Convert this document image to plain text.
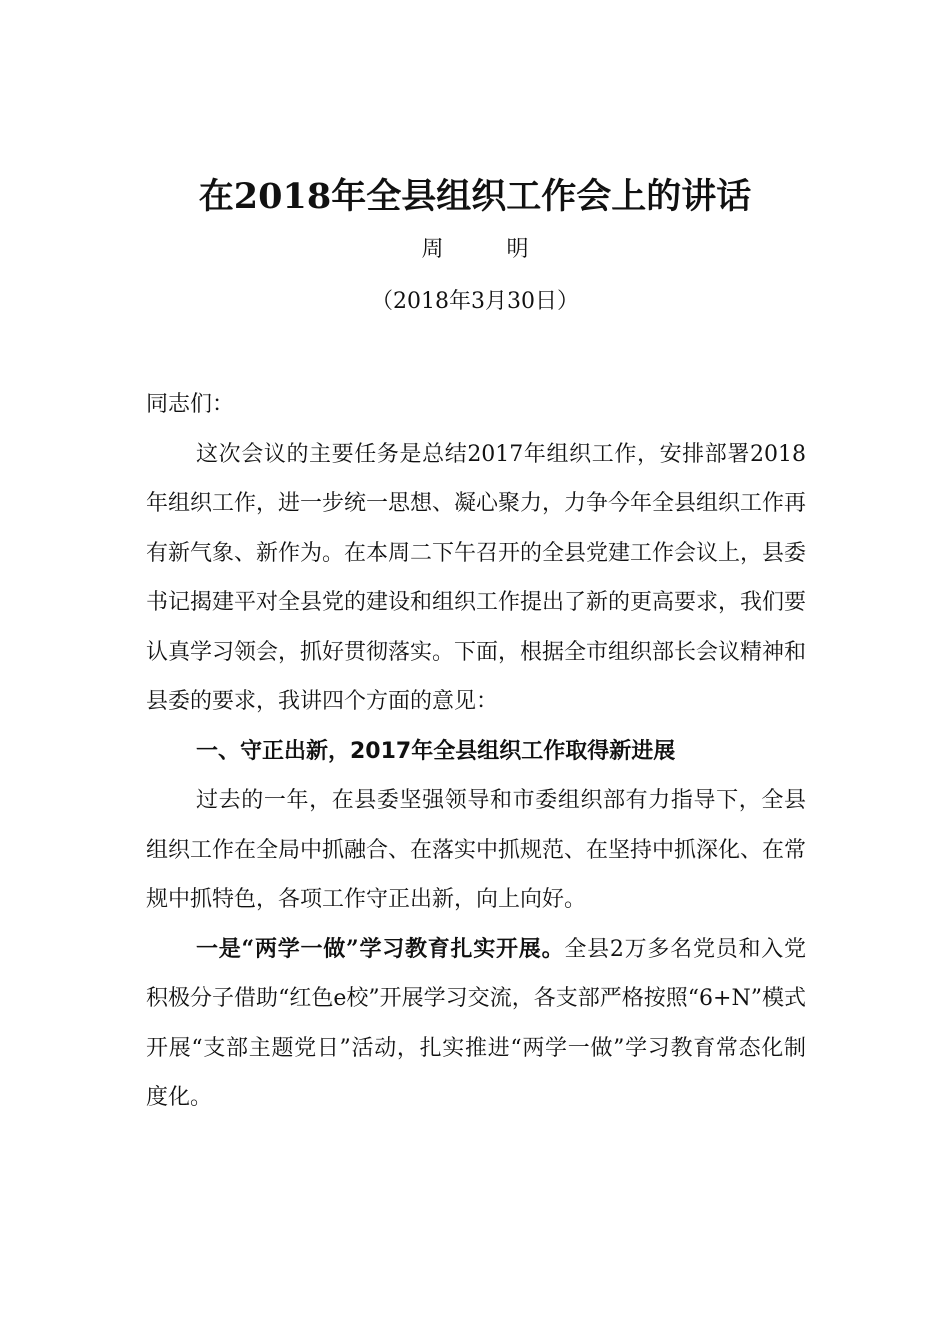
在2018年全县组织工作会上的讲话
周 明
（2018年3月30日）

同志们：

这次会议的主要任务是总结2017年组织工作，安排部署2018年组织工作，进一步统一思想、凝心聚力，力争今年全县组织工作再有新气象、新作为。在本周二下午召开的全县党建工作会议上，县委书记揭建平对全县党的建设和组织工作提出了新的更高要求，我们要认真学习领会，抓好贯彻落实。下面，根据全市组织部长会议精神和县委的要求，我讲四个方面的意见：

一、守正出新，2017年全县组织工作取得新进展

过去的一年，在县委坚强领导和市委组织部有力指导下，全县组织工作在全局中抓融合、在落实中抓规范、在坚持中抓深化、在常规中抓特色，各项工作守正出新，向上向好。

一是“两学一做”学习教育扎实开展。全县2万多名党员和入党积极分子借助“红色e校”开展学习交流，各支部严格按照“6+N”模式开展“支部主题党日”活动，扎实推进“两学一做”学习教育常态化制度化。
